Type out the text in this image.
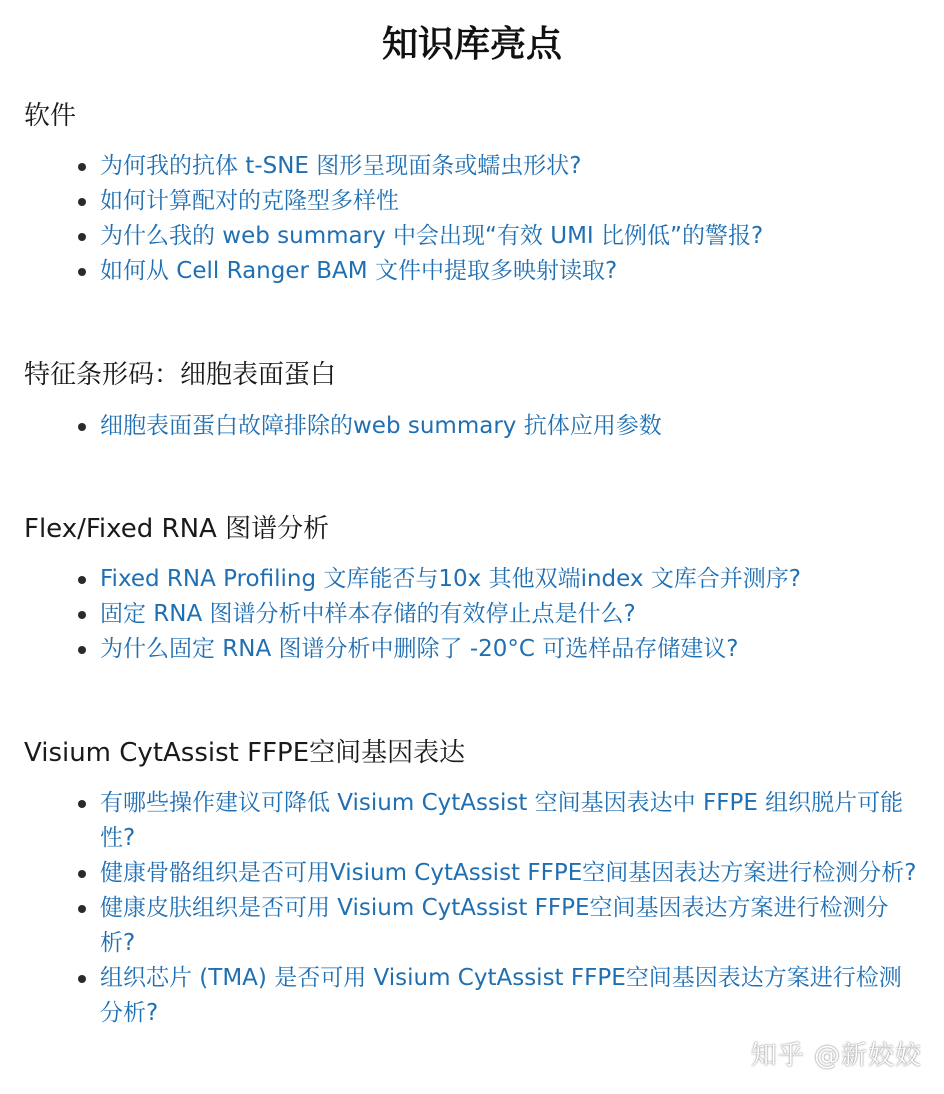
知识库亮点
软件
为何我的抗体 t-SNE 图形呈现面条或蠕虫形状?
如何计算配对的克隆型多样性
为什么我的 web summary 中会出现“有效 UMI 比例低”的警报?
如何从 Cell Ranger BAM 文件中提取多映射读取?
特征条形码：细胞表面蛋白
细胞表面蛋白故障排除的web summary 抗体应用参数
Flex/Fixed RNA 图谱分析
Fixed RNA Profiling 文库能否与10x 其他双端index 文库合并测序?
固定 RNA 图谱分析中样本存储的有效停止点是什么?
为什么固定 RNA 图谱分析中删除了 -20°C 可选样品存储建议?
Visium CytAssist FFPE空间基因表达
有哪些操作建议可降低 Visium CytAssist 空间基因表达中 FFPE 组织脱片可能性?
健康骨骼组织是否可用Visium CytAssist FFPE空间基因表达方案进行检测分析?
健康皮肤组织是否可用 Visium CytAssist FFPE空间基因表达方案进行检测分析?
组织芯片 (TMA) 是否可用 Visium CytAssist FFPE空间基因表达方案进行检测分析?
知乎 @新姣姣
